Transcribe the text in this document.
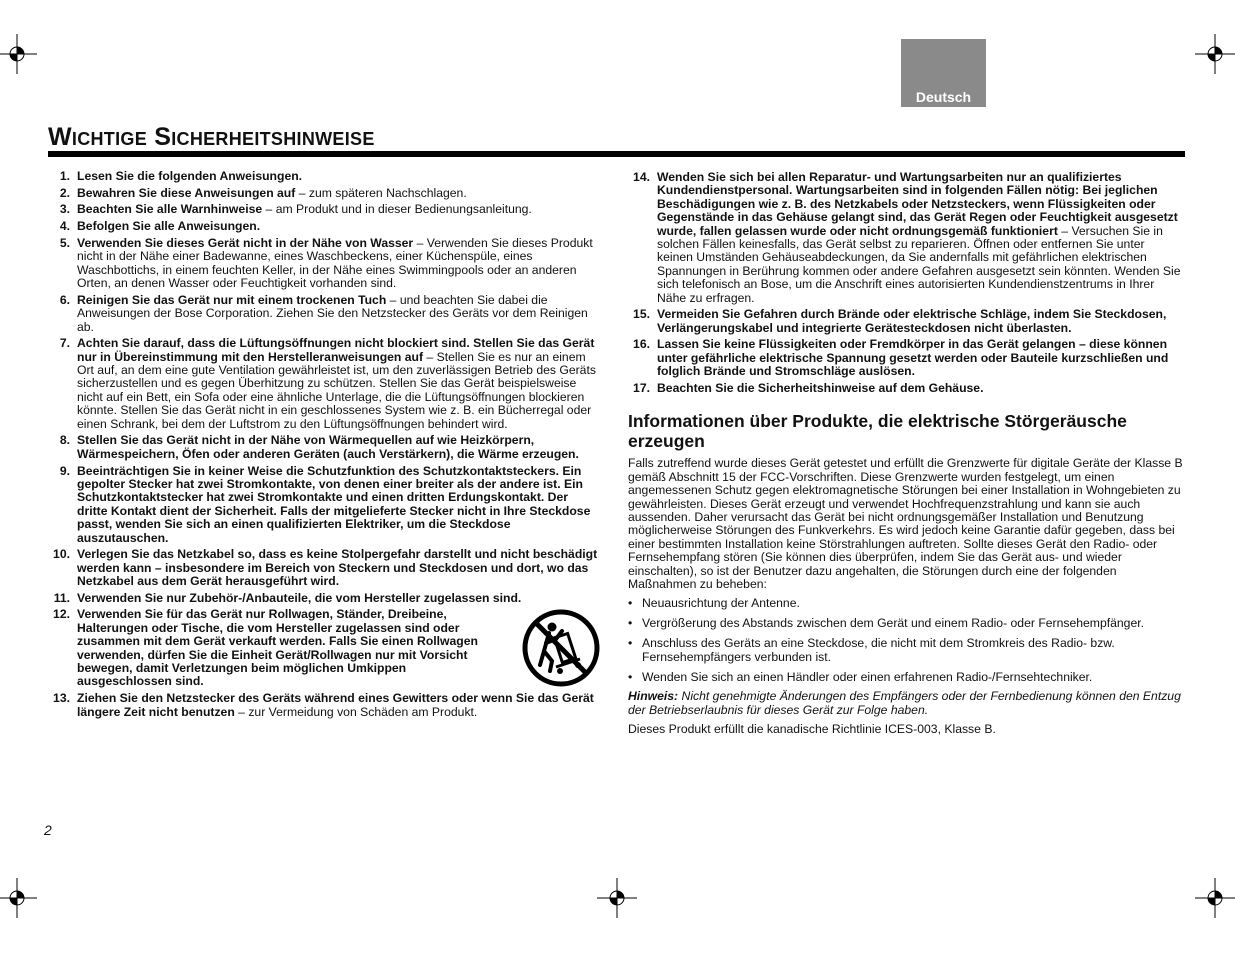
Deutsch
Wichtige Sicherheitshinweise
1. Lesen Sie die folgenden Anweisungen.
2. Bewahren Sie diese Anweisungen auf – zum späteren Nachschlagen.
3. Beachten Sie alle Warnhinweise – am Produkt und in dieser Bedienungsanleitung.
4. Befolgen Sie alle Anweisungen.
5. Verwenden Sie dieses Gerät nicht in der Nähe von Wasser – Verwenden Sie dieses Produkt nicht in der Nähe einer Badewanne, eines Waschbeckens, einer Küchenspüle, eines Waschbottichs, in einem feuchten Keller, in der Nähe eines Swimmingpools oder an anderen Orten, an denen Wasser oder Feuchtigkeit vorhanden sind.
6. Reinigen Sie das Gerät nur mit einem trockenen Tuch – und beachten Sie dabei die Anweisungen der Bose Corporation. Ziehen Sie den Netzstecker des Geräts vor dem Reinigen ab.
7. Achten Sie darauf, dass die Lüftungsöffnungen nicht blockiert sind. Stellen Sie das Gerät nur in Übereinstimmung mit den Herstelleranweisungen auf – Stellen Sie es nur an einem Ort auf, an dem eine gute Ventilation gewährleistet ist, um den zuverlässigen Betrieb des Geräts sicherzustellen und es gegen Überhitzung zu schützen. Stellen Sie das Gerät beispielsweise nicht auf ein Bett, ein Sofa oder eine ähnliche Unterlage, die die Lüftungsöffnungen blockieren könnte. Stellen Sie das Gerät nicht in ein geschlossenes System wie z. B. ein Bücherregal oder einen Schrank, bei dem der Luftstrom zu den Lüftungsöffnungen behindert wird.
8. Stellen Sie das Gerät nicht in der Nähe von Wärmequellen auf wie Heizkörpern, Wärmespeichern, Öfen oder anderen Geräten (auch Verstärkern), die Wärme erzeugen.
9. Beeinträchtigen Sie in keiner Weise die Schutzfunktion des Schutzkontaktsteckers. Ein gepolter Stecker hat zwei Stromkontakte, von denen einer breiter als der andere ist. Ein Schutzkontaktstecker hat zwei Stromkontakte und einen dritten Erdungskontakt. Der dritte Kontakt dient der Sicherheit. Falls der mitgelieferte Stecker nicht in Ihre Steckdose passt, wenden Sie sich an einen qualifizierten Elektriker, um die Steckdose auszutauschen.
10. Verlegen Sie das Netzkabel so, dass es keine Stolpergefahr darstellt und nicht beschädigt werden kann – insbesondere im Bereich von Steckern und Steckdosen und dort, wo das Netzkabel aus dem Gerät herausgeführt wird.
11. Verwenden Sie nur Zubehör-/Anbauteile, die vom Hersteller zugelassen sind.
12. Verwenden Sie für das Gerät nur Rollwagen, Ständer, Dreibeine, Halterungen oder Tische, die vom Hersteller zugelassen sind oder zusammen mit dem Gerät verkauft werden. Falls Sie einen Rollwagen verwenden, dürfen Sie die Einheit Gerät/Rollwagen nur mit Vorsicht bewegen, damit Verletzungen beim möglichen Umkippen ausgeschlossen sind.
13. Ziehen Sie den Netzstecker des Geräts während eines Gewitters oder wenn Sie das Gerät längere Zeit nicht benutzen – zur Vermeidung von Schäden am Produkt.
14. Wenden Sie sich bei allen Reparatur- und Wartungsarbeiten nur an qualifiziertes Kundendienstpersonal. Wartungsarbeiten sind in folgenden Fällen nötig: Bei jeglichen Beschädigungen wie z. B. des Netzkabels oder Netzsteckers, wenn Flüssigkeiten oder Gegenstände in das Gehäuse gelangt sind, das Gerät Regen oder Feuchtigkeit ausgesetzt wurde, fallen gelassen wurde oder nicht ordnungsgemäß funktioniert – Versuchen Sie in solchen Fällen keinesfalls, das Gerät selbst zu reparieren. Öffnen oder entfernen Sie unter keinen Umständen Gehäuseabdeckungen, da Sie andernfalls mit gefährlichen elektrischen Spannungen in Berührung kommen oder andere Gefahren ausgesetzt sein könnten. Wenden Sie sich telefonisch an Bose, um die Anschrift eines autorisierten Kundendienstzentrums in Ihrer Nähe zu erfragen.
15. Vermeiden Sie Gefahren durch Brände oder elektrische Schläge, indem Sie Steckdosen, Verlängerungskabel und integrierte Gerätesteckdosen nicht überlasten.
16. Lassen Sie keine Flüssigkeiten oder Fremdkörper in das Gerät gelangen – diese können unter gefährliche elektrische Spannung gesetzt werden oder Bauteile kurzschließen und folglich Brände und Stromschläge auslösen.
17. Beachten Sie die Sicherheitshinweise auf dem Gehäuse.
Informationen über Produkte, die elektrische Störgeräusche erzeugen

Falls zutreffend wurde dieses Gerät getestet und erfüllt die Grenzwerte für digitale Geräte der Klasse B gemäß Abschnitt 15 der FCC-Vorschriften. Diese Grenzwerte wurden festgelegt, um einen angemessenen Schutz gegen elektromagnetische Störungen bei einer Installation in Wohngebieten zu gewährleisten. Dieses Gerät erzeugt und verwendet Hochfrequenzstrahlung und kann sie auch aussenden. Daher verursacht das Gerät bei nicht ordnungsgemäßer Installation und Benutzung möglicherweise Störungen des Funkverkehrs. Es wird jedoch keine Garantie dafür gegeben, dass bei einer bestimmten Installation keine Störstrahlungen auftreten. Sollte dieses Gerät den Radio- oder Fernsehempfang stören (Sie können dies überprüfen, indem Sie das Gerät aus- und wieder einschalten), so ist der Benutzer dazu angehalten, die Störungen durch eine der folgenden Maßnahmen zu beheben:

• Neuausrichtung der Antenne.
• Vergrößerung des Abstands zwischen dem Gerät und einem Radio- oder Fernsehempfänger.
• Anschluss des Geräts an eine Steckdose, die nicht mit dem Stromkreis des Radio- bzw. Fernsehempfängers verbunden ist.
• Wenden Sie sich an einen Händler oder einen erfahrenen Radio-/Fernsehtechniker.

Hinweis: Nicht genehmigte Änderungen des Empfängers oder der Fernbedienung können den Entzug der Betriebserlaubnis für dieses Gerät zur Folge haben.

Dieses Produkt erfüllt die kanadische Richtlinie ICES-003, Klasse B.

2
